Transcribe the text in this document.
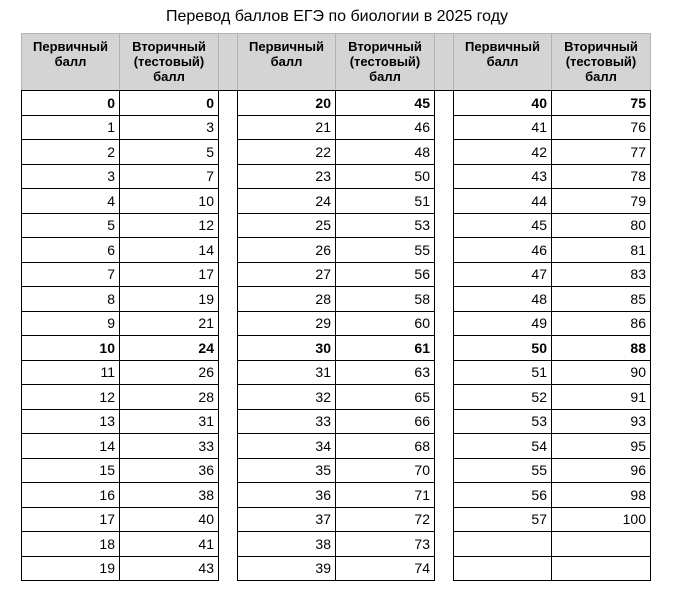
Перевод баллов ЕГЭ по биологии в 2025 году
Первичный балл	Вторичный (тестовый) балл		Первичный балл	Вторичный (тестовый) балл		Первичный балл	Вторичный (тестовый) балл
0	0		20	45		40	75
1	3		21	46		41	76
2	5		22	48		42	77
3	7		23	50		43	78
4	10		24	51		44	79
5	12		25	53		45	80
6	14		26	55		46	81
7	17		27	56		47	83
8	19		28	58		48	85
9	21		29	60		49	86
10	24		30	61		50	88
11	26		31	63		51	90
12	28		32	65		52	91
13	31		33	66		53	93
14	33		34	68		54	95
15	36		35	70		55	96
16	38		36	71		56	98
17	40		37	72		57	100
18	41		38	73			
19	43		39	74			
